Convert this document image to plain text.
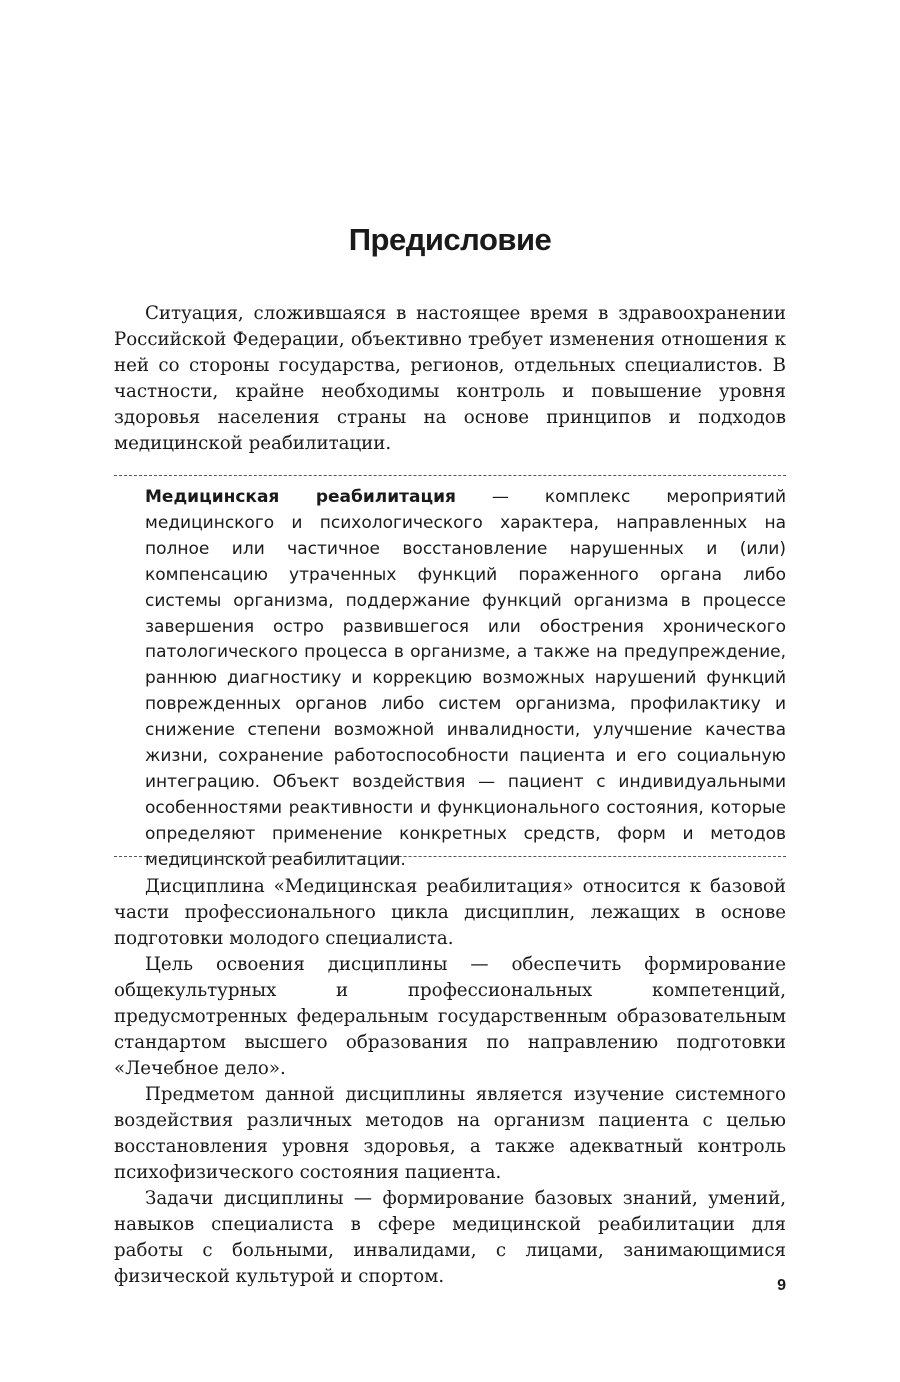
Предисловие

Ситуация, сложившаяся в настоящее время в здравоохранении Российской Федерации, объективно требует изменения отношения к ней со стороны государства, регионов, отдельных специалистов. В частности, крайне необходимы контроль и повышение уровня здоровья населения страны на основе принципов и подходов медицинской реабилитации.

Медицинская реабилитация — комплекс мероприятий медицинского и психологического характера, направленных на полное или частичное восстановление нарушенных и (или) компенсацию утраченных функций пораженного органа либо системы организма, поддержание функций организма в процессе завершения остро развившегося или обострения хронического патологического процесса в организме, а также на предупреждение, раннюю диагностику и коррекцию возможных нарушений функций поврежденных органов либо систем организма, профилактику и снижение степени возможной инвалидности, улучшение качества жизни, сохранение работоспособности пациента и его социальную интеграцию. Объект воздействия — пациент с индивидуальными особенностями реактивности и функционального состояния, которые определяют применение конкретных средств, форм и методов медицинской реабилитации.

Дисциплина «Медицинская реабилитация» относится к базовой части профессионального цикла дисциплин, лежащих в основе подготовки молодого специалиста.

Цель освоения дисциплины — обеспечить формирование общекультурных и профессиональных компетенций, предусмотренных федеральным государственным образовательным стандартом высшего образования по направлению подготовки «Лечебное дело».

Предметом данной дисциплины является изучение системного воздействия различных методов на организм пациента с целью восстановления уровня здоровья, а также адекватный контроль психофизического состояния пациента.

Задачи дисциплины — формирование базовых знаний, умений, навыков специалиста в сфере медицинской реабилитации для работы с больными, инвалидами, с лицами, занимающимися физической культурой и спортом.	9
